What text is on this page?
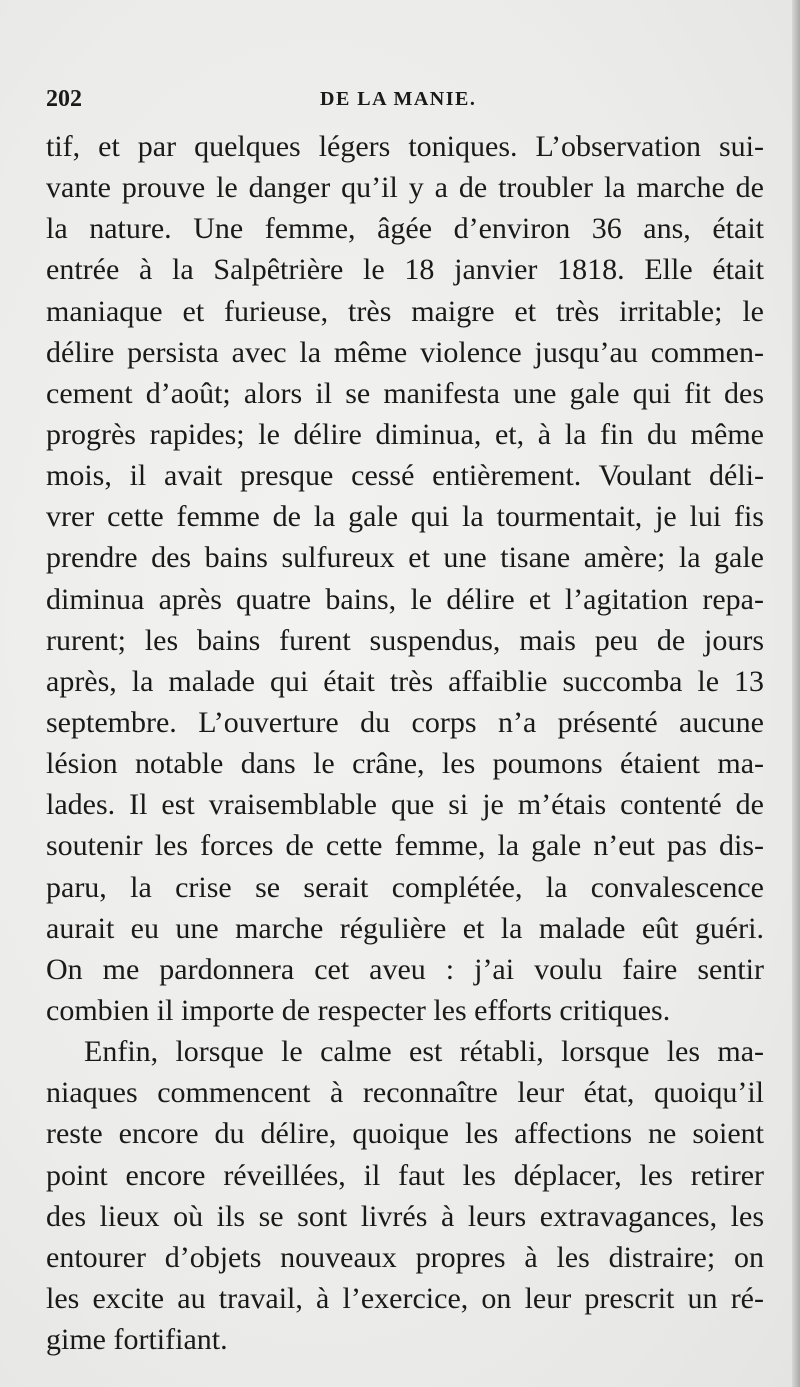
202	DE LA MANIE.
tif, et par quelques légers toniques. L’observation sui-
vante prouve le danger qu’il y a de troubler la marche de
la nature. Une femme, âgée d’environ 36 ans, était
entrée à la Salpêtrière le 18 janvier 1818. Elle était
maniaque et furieuse, très maigre et très irritable; le
délire persista avec la même violence jusqu’au commen-
cement d’août; alors il se manifesta une gale qui fit des
progrès rapides; le délire diminua, et, à la fin du même
mois, il avait presque cessé entièrement. Voulant déli-
vrer cette femme de la gale qui la tourmentait, je lui fis
prendre des bains sulfureux et une tisane amère; la gale
diminua après quatre bains, le délire et l’agitation repa-
rurent; les bains furent suspendus, mais peu de jours
après, la malade qui était très affaiblie succomba le 13
septembre. L’ouverture du corps n’a présenté aucune
lésion notable dans le crâne, les poumons étaient ma-
lades. Il est vraisemblable que si je m’étais contenté de
soutenir les forces de cette femme, la gale n’eut pas dis-
paru, la crise se serait complétée, la convalescence
aurait eu une marche régulière et la malade eût guéri.
On me pardonnera cet aveu : j’ai voulu faire sentir
combien il importe de respecter les efforts critiques.
Enfin, lorsque le calme est rétabli, lorsque les ma-
niaques commencent à reconnaître leur état, quoiqu’il
reste encore du délire, quoique les affections ne soient
point encore réveillées, il faut les déplacer, les retirer
des lieux où ils se sont livrés à leurs extravagances, les
entourer d’objets nouveaux propres à les distraire; on
les excite au travail, à l’exercice, on leur prescrit un ré-
gime fortifiant.
